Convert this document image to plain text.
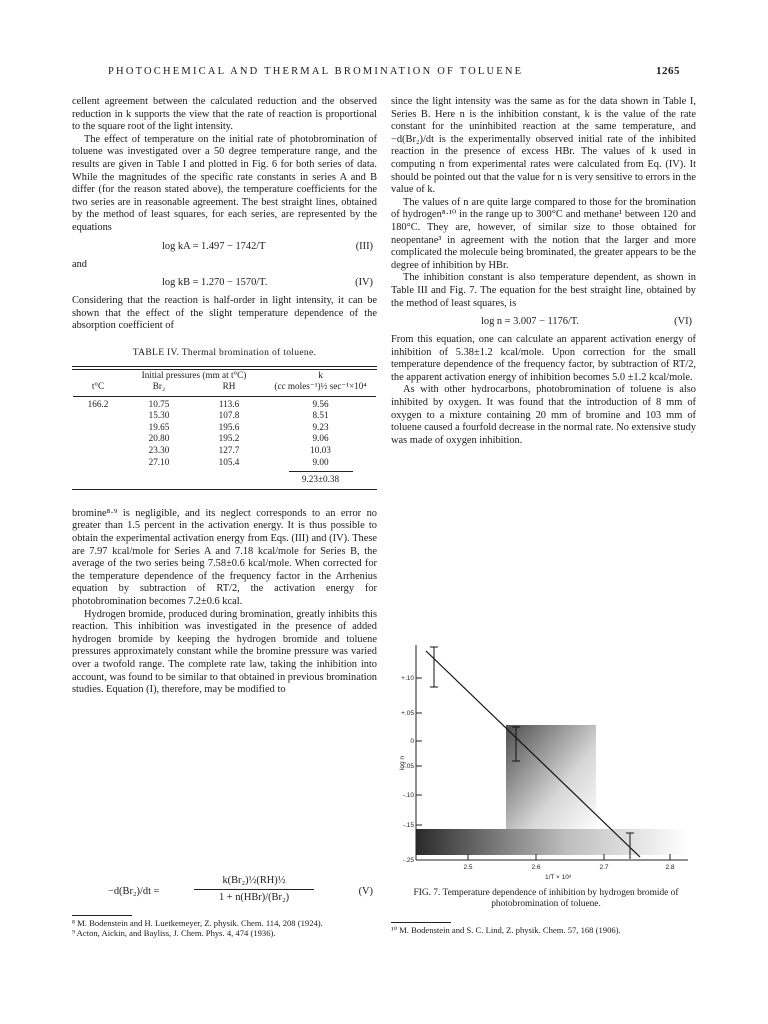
PHOTOCHEMICAL AND THERMAL BROMINATION OF TOLUENE	1265

cellent agreement between the calculated reduction and the observed reduction in k supports the view that the rate of reaction is proportional to the square root of the light intensity.

The effect of temperature on the initial rate of photobromination of toluene was investigated over a 50 degree temperature range, and the results are given in Table I and plotted in Fig. 6 for both series of data. While the magnitudes of the specific rate constants in series A and B differ (for the reason stated above), the temperature coefficients for the two series are in reasonable agreement. The best straight lines, obtained by the method of least squares, for each series, are represented by the equations

log kA = 1.497 − 1742/T	(III)

and

log kB = 1.270 − 1570/T.	(IV)

Considering that the reaction is half-order in light intensity, it can be shown that the effect of the slight temperature dependence of the absorption coefficient of

TABLE IV. Thermal bromination of toluene.
	Initial pressures (mm at t°C)		k
t°C	Br₂	RH	(cc moles⁻¹)½ sec⁻¹×10⁴

166.2	10.75	113.6	9.56
	15.30	107.8	8.51
	19.65	195.6	9.23
	20.80	195.2	9.06
	23.30	127.7	10.03
	27.10	105.4	9.00

			9.23±0.38

bromine⁸·⁹ is negligible, and its neglect corresponds to an error no greater than 1.5 percent in the activation energy. It is thus possible to obtain the experimental activation energy from Eqs. (III) and (IV). These are 7.97 kcal/mole for Series A and 7.18 kcal/mole for Series B, the average of the two series being 7.58±0.6 kcal/mole. When corrected for the temperature dependence of the frequency factor in the Arrhenius equation by subtraction of RT/2, the activation energy for photobromination becomes 7.2±0.6 kcal.

Hydrogen bromide, produced during bromination, greatly inhibits this reaction. This inhibition was investigated in the presence of added hydrogen bromide by keeping the hydrogen bromide and toluene pressures approximately constant while the bromine pressure was varied over a twofold range. The complete rate law, taking the inhibition into account, was found to be similar to that obtained in previous bromination studies. Equation (I), therefore, may be modified to

−d(Br₂)/dt =
k(Br₂)½(RH)½
1 + n(HBr)/(Br₂)
(V)

⁸ M. Bodenstein and H. Luetkemeyer, Z. physik. Chem. 114, 208 (1924).

⁹ Acton, Aickin, and Bayliss, J. Chem. Phys. 4, 474 (1936).

since the light intensity was the same as for the data shown in Table I, Series B. Here n is the inhibition constant, k is the value of the rate constant for the uninhibited reaction at the same temperature, and −d(Br₂)/dt is the experimentally observed initial rate of the inhibited reaction in the presence of excess HBr. The values of k used in computing n from experimental rates were calculated from Eq. (IV). It should be pointed out that the value for n is very sensitive to errors in the value of k.

The values of n are quite large compared to those for the bromination of hydrogen⁸·¹⁰ in the range up to 300°C and methane¹ between 120 and 180°C. They are, however, of similar size to those obtained for neopentane³ in agreement with the notion that the larger and more complicated the molecule being brominated, the greater appears to be the degree of inhibition by HBr.

The inhibition constant is also temperature dependent, as shown in Table III and Fig. 7. The equation for the best straight line, obtained by the method of least squares, is

log n = 3.007 − 1176/T.	(VI)

From this equation, one can calculate an apparent activation energy of inhibition of 5.38±1.2 kcal/mole. Upon correction for the small temperature dependence of the frequency factor, by subtraction of RT/2, the apparent activation energy of inhibition becomes 5.0 ±1.2 kcal/mole.

As with other hydrocarbons, photobromination of toluene is also inhibited by oxygen. It was found that the introduction of 8 mm of oxygen to a mixture containing 20 mm of bromine and 103 mm of toluene caused a fourfold decrease in the normal rate. No extensive study was made of oxygen inhibition.

+.10
+.05
0
-.05
-.10
-.15
-.25
log n
2.5	2.6	2.7	2.8
1/T × 10³
FIG. 7. Temperature dependence of inhibition by hydrogen bromide of photobromination of toluene.

¹⁰ M. Bodenstein and S. C. Lind, Z. physik. Chem. 57, 168 (1906).
